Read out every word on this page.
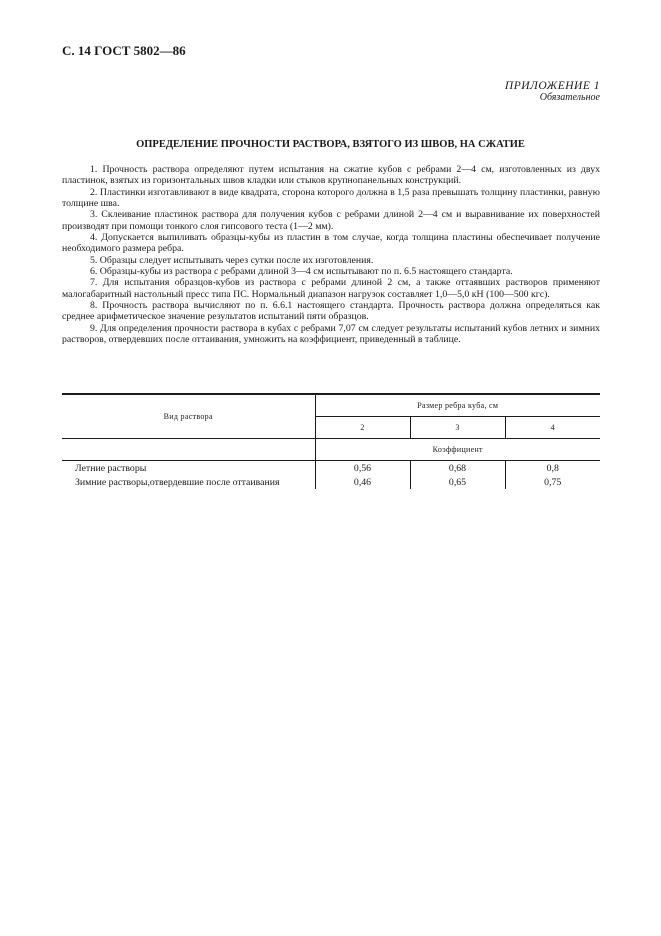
С. 14 ГОСТ 5802—86
ПРИЛОЖЕНИЕ 1
Обязательное
ОПРЕДЕЛЕНИЕ ПРОЧНОСТИ РАСТВОРА, ВЗЯТОГО ИЗ ШВОВ, НА СЖАТИЕ

1. Прочность раствора определяют путем испытания на сжатие кубов с ребрами 2—4 см, изготовленных из двух пластинок, взятых из горизонтальных швов кладки или стыков крупнопанельных конструкций.

2. Пластинки изготавливают в виде квадрата, сторона которого должна в 1,5 раза превышать толщину пластинки, равную толщине шва.

3. Склеивание пластинок раствора для получения кубов с ребрами длиной 2—4 см и выравнивание их поверхностей производят при помощи тонкого слоя гипсового теста (1—2 мм).

4. Допускается выпиливать образцы-кубы из пластин в том случае, когда толщина пластины обеспечивает получение необходимого размера ребра.

5. Образцы следует испытывать через сутки после их изготовления.

6. Образцы-кубы из раствора с ребрами длиной 3—4 см испытывают по п. 6.5 настоящего стандарта.

7. Для испытания образцов-кубов из раствора с ребрами длиной 2 см, а также оттаявших растворов применяют малогабаритный настольный пресс типа ПС. Нормальный диапазон нагрузок составляет 1,0—5,0 кН (100—500 кгс).

8. Прочность раствора вычисляют по п. 6.6.1 настоящего стандарта. Прочность раствора должна определяться как среднее арифметическое значение результатов испытаний пяти образцов.

9. Для определения прочности раствора в кубах с ребрами 7,07 см следует результаты испытаний кубов летних и зимних растворов, отвердевших после оттаивания, умножить на коэффициент, приведенный в таблице.

Вид раствора	Размер ребра куба, см		
	2	3	4
	Коэффициент		
Летние растворы	0,56	0,68	0,8
Зимние растворы,отвердевшие после оттаивания	0,46	0,65	0,75
